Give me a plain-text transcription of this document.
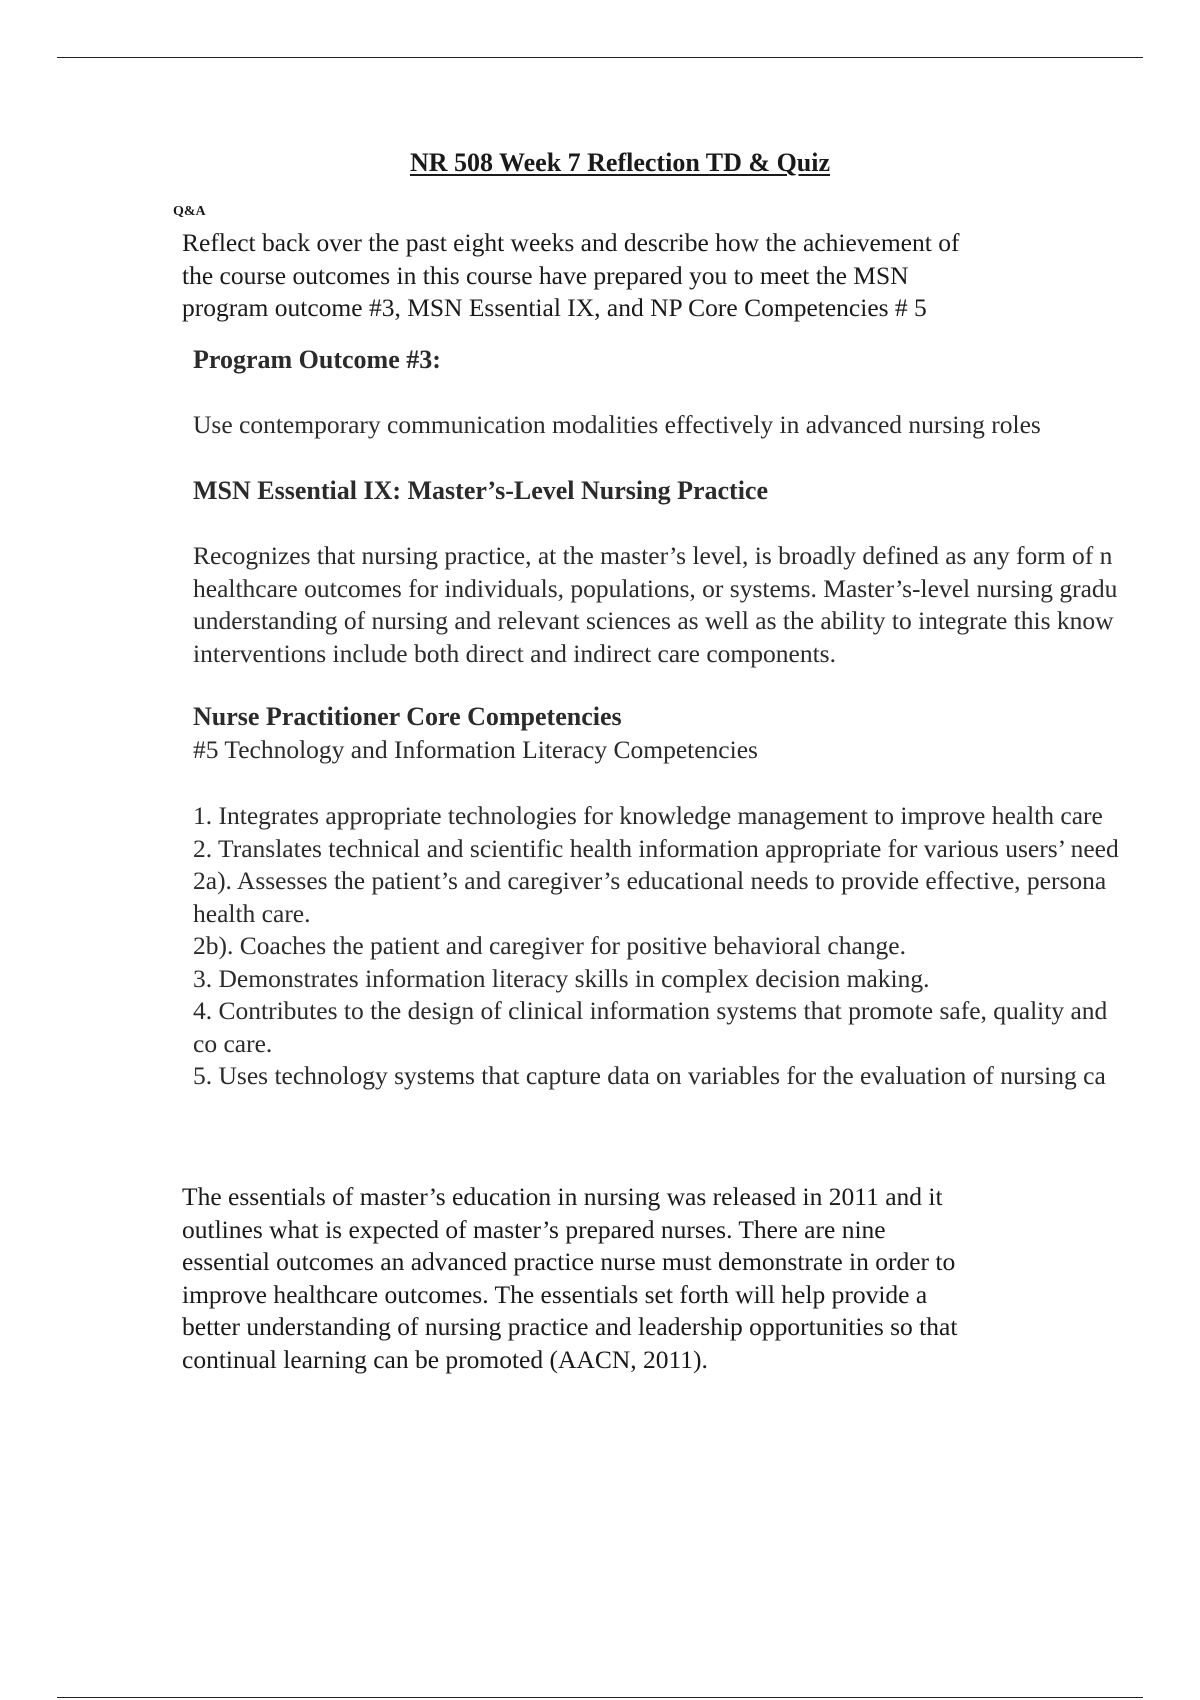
NR 508 Week 7 Reflection TD & Quiz

Q&A

Reflect back over the past eight weeks and describe how the achievement of
the course outcomes in this course have prepared you to meet the MSN
program outcome #3, MSN Essential IX, and NP Core Competencies # 5
Program Outcome #3:
Use contemporary communication modalities effectively in advanced nursing roles
MSN Essential IX: Master’s-Level Nursing Practice
Recognizes that nursing practice, at the master’s level, is broadly defined as any form of n
healthcare outcomes for individuals, populations, or systems. Master’s-level nursing gradu
understanding of nursing and relevant sciences as well as the ability to integrate this know
interventions include both direct and indirect care components.
Nurse Practitioner Core Competencies
#5 Technology and Information Literacy Competencies
1. Integrates appropriate technologies for knowledge management to improve health care
2. Translates technical and scientific health information appropriate for various users’ need
2a). Assesses the patient’s and caregiver’s educational needs to provide effective, persona
health care.
2b). Coaches the patient and caregiver for positive behavioral change.
3. Demonstrates information literacy skills in complex decision making.
4. Contributes to the design of clinical information systems that promote safe, quality and
co care.
5. Uses technology systems that capture data on variables for the evaluation of nursing ca
The essentials of master’s education in nursing was released in 2011 and it
outlines what is expected of master’s prepared nurses. There are nine
essential outcomes an advanced practice nurse must demonstrate in order to
improve healthcare outcomes. The essentials set forth will help provide a
better understanding of nursing practice and leadership opportunities so that
continual learning can be promoted (AACN, 2011).
